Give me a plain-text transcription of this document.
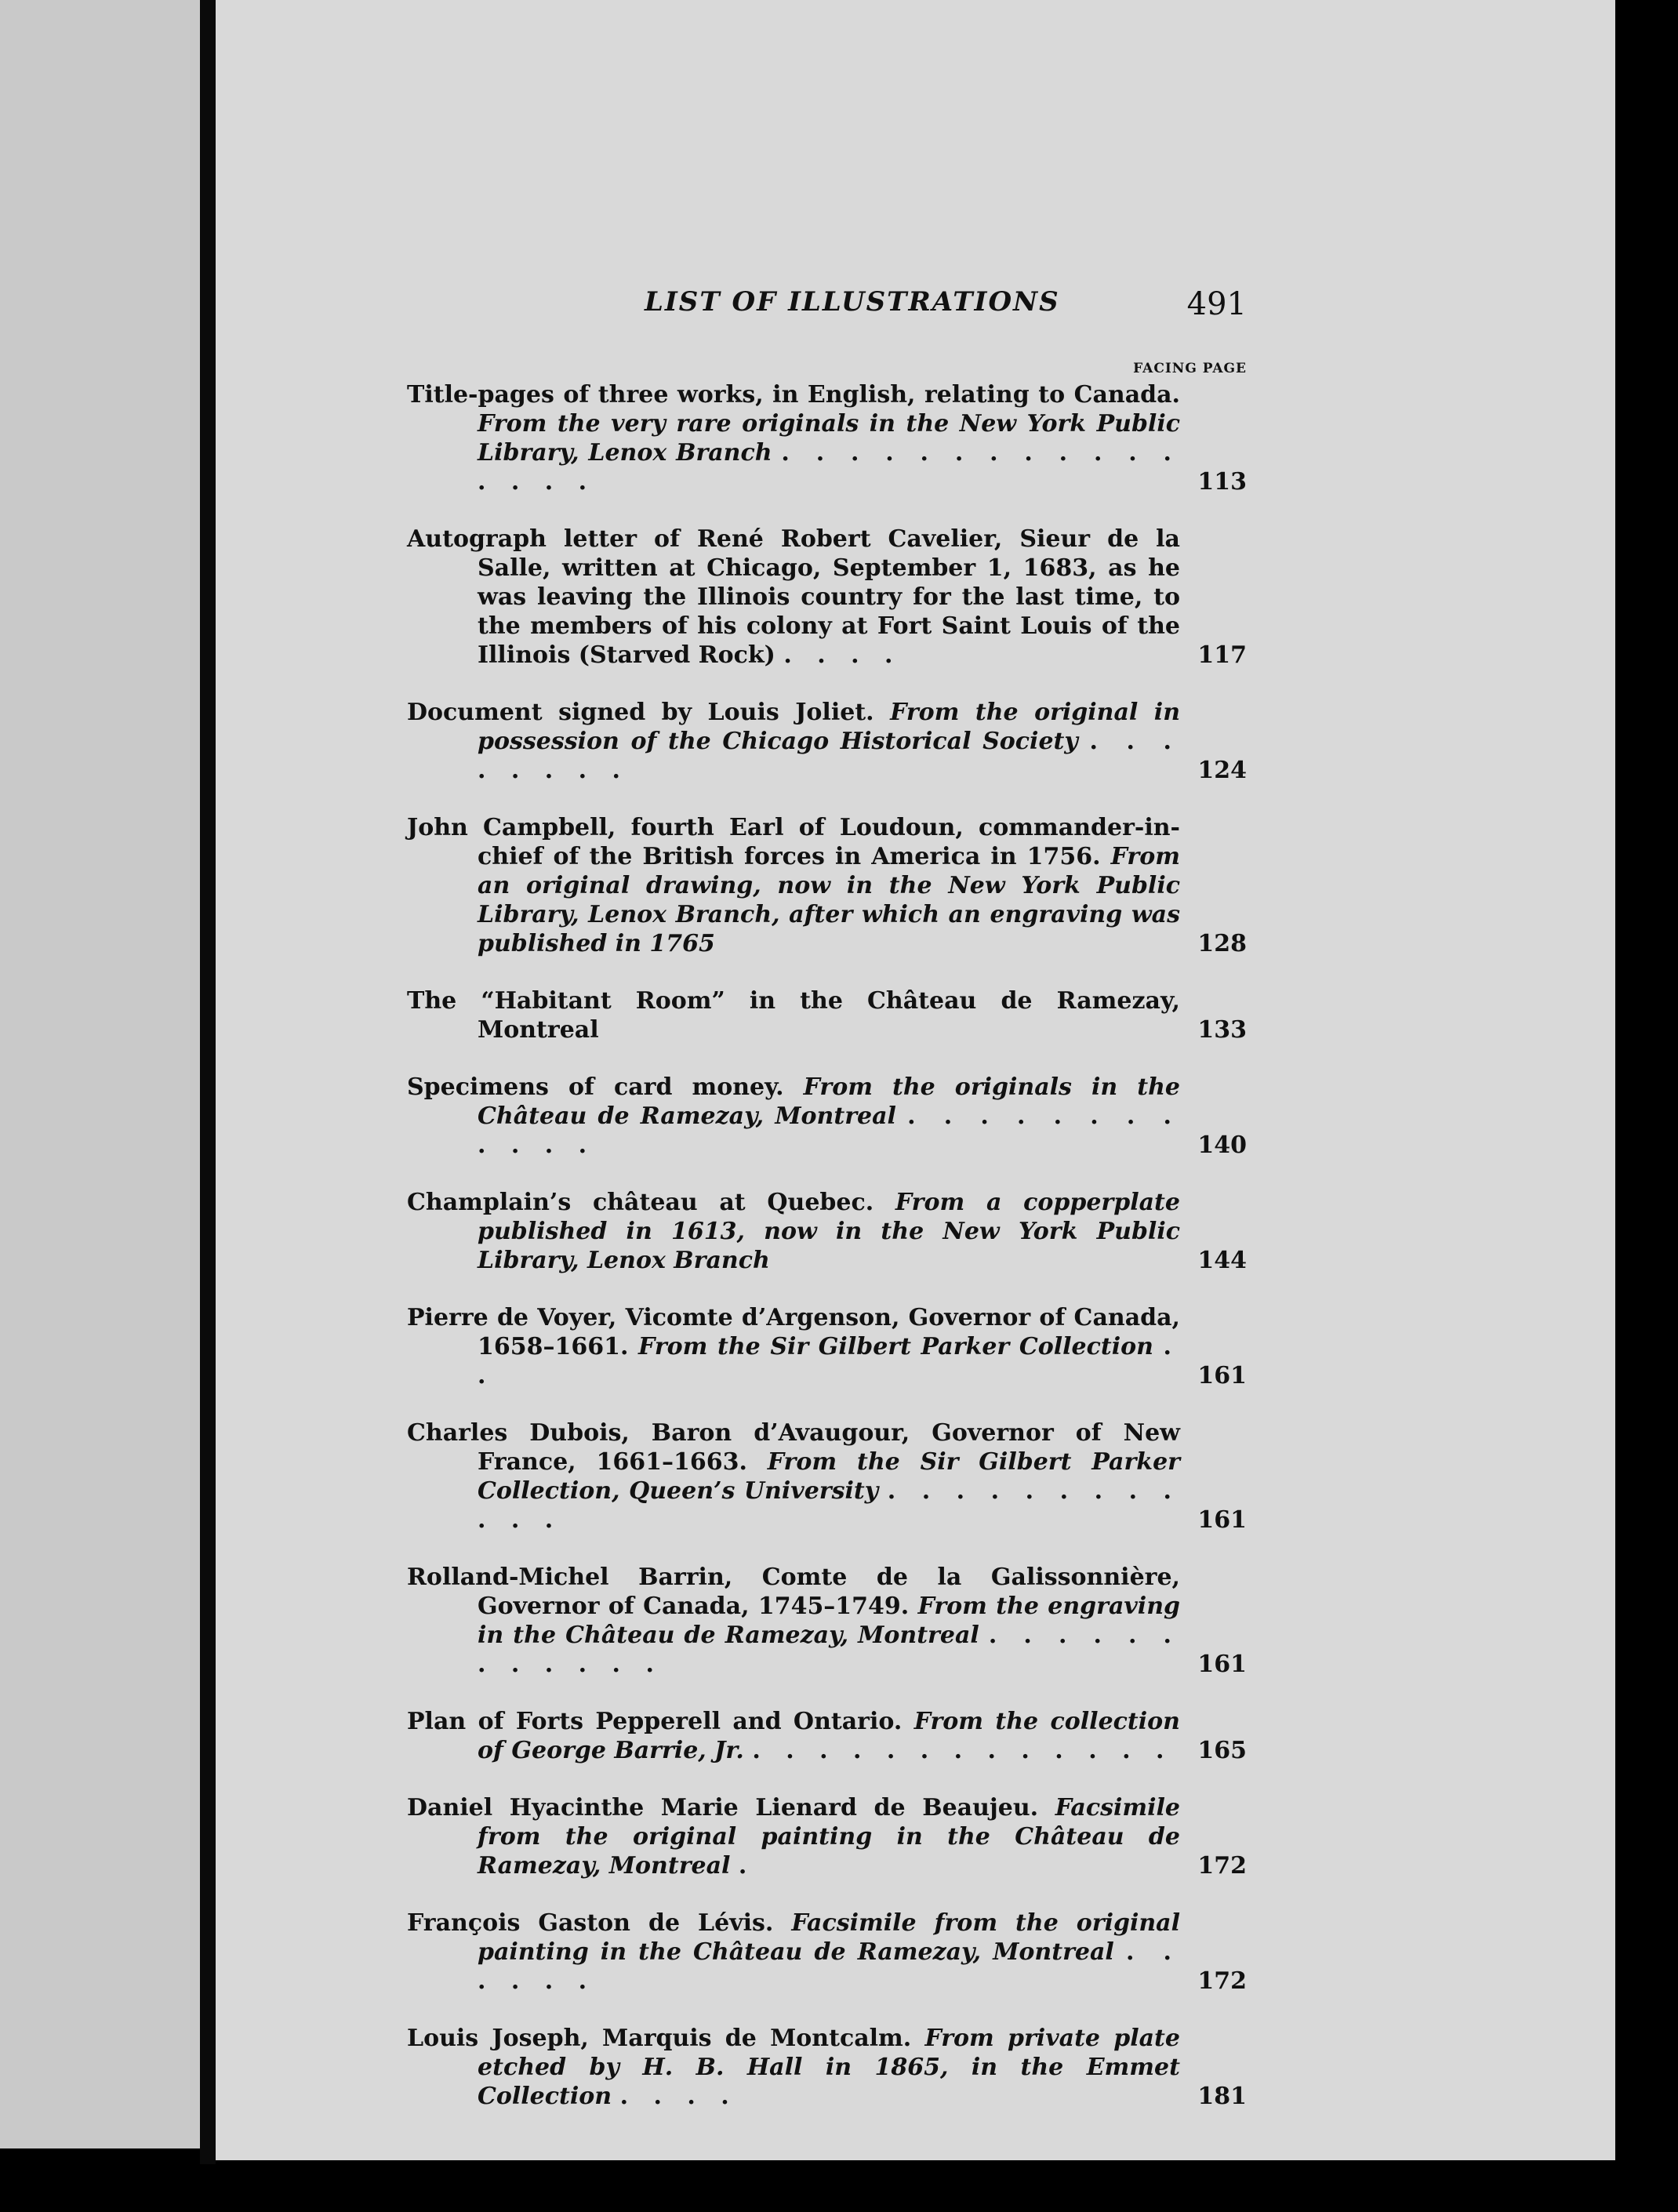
LIST OF ILLUSTRATIONS	491
FACING PAGE
Title-pages of three works, in English, relating to Canada. From the very rare originals in the New York Public Library, Lenox Branch . . . . . . . . . . . . . . . .	113
Autograph letter of René Robert Cavelier, Sieur de la Salle, written at Chicago, September 1, 1683, as he was leaving the Illinois country for the last time, to the members of his colony at Fort Saint Louis of the Illinois (Starved Rock) . . . .	117
Document signed by Louis Joliet. From the original in possession of the Chicago Historical Society . . . . . . . .	124
John Campbell, fourth Earl of Loudoun, commander-in-chief of the British forces in America in 1756. From an original drawing, now in the New York Public Library, Lenox Branch, after which an engraving was published in 1765	128
The “Habitant Room” in the Château de Ramezay, Montreal	133
Specimens of card money. From the originals in the Château de Ramezay, Montreal . . . . . . . . . . . .	140
Champlain’s château at Quebec. From a copperplate published in 1613, now in the New York Public Library, Lenox Branch	144
Pierre de Voyer, Vicomte d’Argenson, Governor of Canada, 1658–1661. From the Sir Gilbert Parker Collection . .	161
Charles Dubois, Baron d’Avaugour, Governor of New France, 1661–1663. From the Sir Gilbert Parker Collection, Queen’s University . . . . . . . . . . . .	161
Rolland-Michel Barrin, Comte de la Galissonnière, Governor of Canada, 1745–1749. From the engraving in the Château de Ramezay, Montreal . . . . . . . . . . . .	161
Plan of Forts Pepperell and Ontario. From the collection of George Barrie, Jr. . . . . . . . . . . . . .	165
Daniel Hyacinthe Marie Lienard de Beaujeu. Facsimile from the original painting in the Château de Ramezay, Montreal .	172
François Gaston de Lévis. Facsimile from the original painting in the Château de Ramezay, Montreal . . . . . .	172
Louis Joseph, Marquis de Montcalm. From private plate etched by H. B. Hall in 1865, in the Emmet Collection . . . .	181
